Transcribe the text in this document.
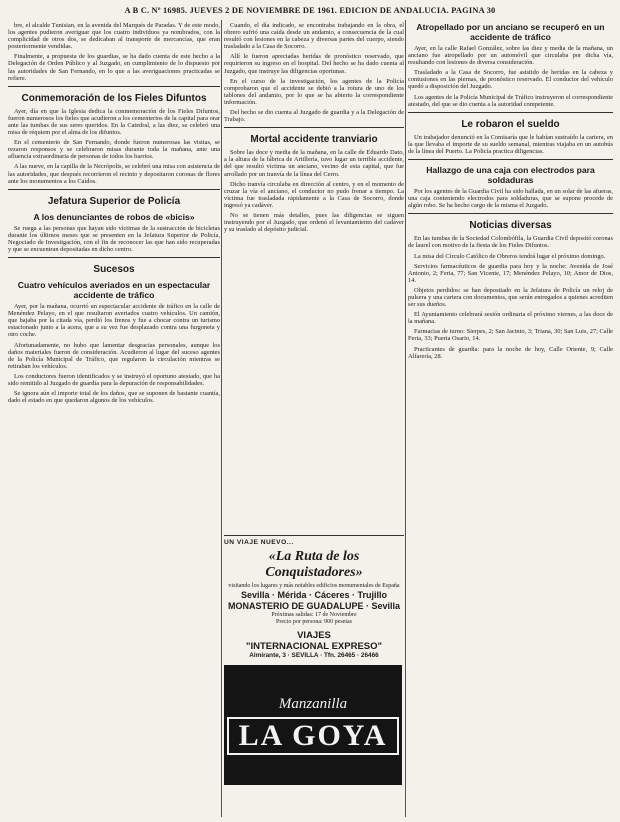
A B C. Nº 16985. JUEVES 2 DE NOVIEMBRE DE 1961. EDICION DE ANDALUCIA. PAGINA 30

bre, el alcalde Tunisian, en la avenida del Marqués de Paradas. Y de este modo, los agentes pudieron averiguar que los cuatro individuos ya nombrados, con la complicidad de otros dos, se dedicaban al transporte de mercancías, que eran posteriormente vendidas.

Finalmente, a propuesta de los guardias, se ha dado cuenta de este hecho a la Delegación de Orden Público y al Juzgado, en cumplimiento de lo dispuesto por las autoridades de San Fernando, en lo que a las averiguaciones practicadas se refiere.

Conmemoración de los Fieles Difuntos

Ayer, día en que la Iglesia dedica la conmemoración de los Fieles Difuntos, fueron numerosos los fieles que acudieron a los cementerios de la capital para orar ante las tumbas de sus seres queridos. En la Catedral, a las diez, se celebró una misa de réquiem por el alma de los difuntos.

En el cementerio de San Fernando, donde fueron numerosas las visitas, se rezaron responsos y se celebraron misas durante toda la mañana, ante una afluencia extraordinaria de personas de todos los barrios.

A las nueve, en la capilla de la Necrópolis, se celebró una misa con asistencia de las autoridades, que después recorrieron el recinto y depositaron coronas de flores ante los monumentos a los Caídos.

Jefatura Superior de Policía
A los denunciantes de robos de «bicis»

Se ruega a las personas que hayan sido víctimas de la sustracción de bicicletas durante los últimos meses que se presenten en la Jefatura Superior de Policía, Negociado de Investigación, con el fin de reconocer las que han sido recuperadas y que se encuentran depositadas en dicho centro.

Sucesos
Cuatro vehículos averiados en un espectacular accidente de tráfico

Ayer, por la mañana, ocurrió un espectacular accidente de tráfico en la calle de Menéndez Pelayo, en el que resultaron averiados cuatro vehículos. Un camión, que bajaba por la citada vía, perdió los frenos y fue a chocar contra un turismo estacionado junto a la acera, que a su vez fue desplazado contra una furgoneta y otro coche.

Afortunadamente, no hubo que lamentar desgracias personales, aunque los daños materiales fueron de consideración. Acudieron al lugar del suceso agentes de la Policía Municipal de Tráfico, que regularon la circulación mientras se retiraban los vehículos.

Los conductores fueron identificados y se instruyó el oportuno atestado, que ha sido remitido al Juzgado de guardia para la depuración de responsabilidades.

Se ignora aún el importe total de los daños, que se suponen de bastante cuantía, dado el estado en que quedaron algunos de los vehículos.

Cuando, el día indicado, se encontraba trabajando en la obra, el obrero sufrió una caída desde un andamio, a consecuencia de la cual resultó con lesiones en la cabeza y diversas partes del cuerpo, siendo trasladado a la Casa de Socorro.

Allí le fueron apreciadas heridas de pronóstico reservado, que requirieron su ingreso en el hospital. Del hecho se ha dado cuenta al Juzgado, que instruye las diligencias oportunas.

En el curso de la investigación, los agentes de la Policía comprobaron que el accidente se debió a la rotura de uno de los tablones del andamio, por lo que se ha abierto la correspondiente información.

Del hecho se dio cuenta al Juzgado de guardia y a la Delegación de Trabajo.

Mortal accidente tranviario

Sobre las doce y media de la mañana, en la calle de Eduardo Dato, a la altura de la fábrica de Artillería, tuvo lugar un terrible accidente, del que resultó víctima un anciano, vecino de esta capital, que fue arrollado por un tranvía de la línea del Cerro.

Dicho tranvía circulaba en dirección al centro, y en el momento de cruzar la vía el anciano, el conductor no pudo frenar a tiempo. La víctima fue trasladada rápidamente a la Casa de Socorro, donde ingresó ya cadáver.

No se tienen más detalles, pues las diligencias se siguen instruyendo por el Juzgado, que ordenó el levantamiento del cadáver y su traslado al depósito judicial.

UN VIAJE NUEVO...
«La Ruta de los Conquistadores»
visitando los lugares y más notables edificios monumentales de España
Sevilla · Mérida · Cáceres · Trujillo
MONASTERIO DE GUADALUPE · Sevilla
Próximas salidas: 17 de Noviembre
Precio por persona: 900 pesetas
VIAJES
"INTERNACIONAL EXPRESO"
Almirante, 3 · SEVILLA · Tfn. 26465 · 26466
Manzanilla
LA GOYA
Atropellado por un anciano se recuperó en un accidente de tráfico

Ayer, en la calle Rafael González, sobre las diez y media de la mañana, un anciano fue atropellado por un automóvil que circulaba por dicha vía, resultando con lesiones de diversa consideración.

Trasladado a la Casa de Socorro, fue asistido de heridas en la cabeza y contusiones en las piernas, de pronóstico reservado. El conductor del vehículo quedó a disposición del Juzgado.

Los agentes de la Policía Municipal de Tráfico instruyeron el correspondiente atestado, del que se dio cuenta a la autoridad competente.

Le robaron el sueldo

Un trabajador denunció en la Comisaría que le habían sustraído la cartera, en la que llevaba el importe de su sueldo semanal, mientras viajaba en un autobús de la línea del Puerto. La Policía practica diligencias.

Hallazgo de una caja con electrodos para soldaduras

Por los agentes de la Guardia Civil ha sido hallada, en un solar de las afueras, una caja conteniendo electrodos para soldaduras, que se supone procede de algún robo. Se ha hecho cargo de la misma el Juzgado.

Noticias diversas

En las tumbas de la Sociedad Colombófila, la Guardia Civil depositó coronas de laurel con motivo de la fiesta de los Fieles Difuntos.

La misa del Círculo Católico de Obreros tendrá lugar el próximo domingo.

Servicios farmacéuticos de guardia para hoy y la noche: Avenida de José Antonio, 2; Feria, 77; San Vicente, 17; Menéndez Pelayo, 10; Amor de Dios, 14.

Objetos perdidos: se han depositado en la Jefatura de Policía un reloj de pulsera y una cartera con documentos, que serán entregados a quienes acrediten ser sus dueños.

El Ayuntamiento celebrará sesión ordinaria el próximo viernes, a las doce de la mañana.

Farmacias de turno: Sierpes, 2; San Jacinto, 3; Triana, 30; San Luis, 27; Calle Feria, 33; Puerta Osario, 14.

Practicantes de guardia: para la noche de hoy, Calle Oriente, 9; Calle Alfarería, 28.
